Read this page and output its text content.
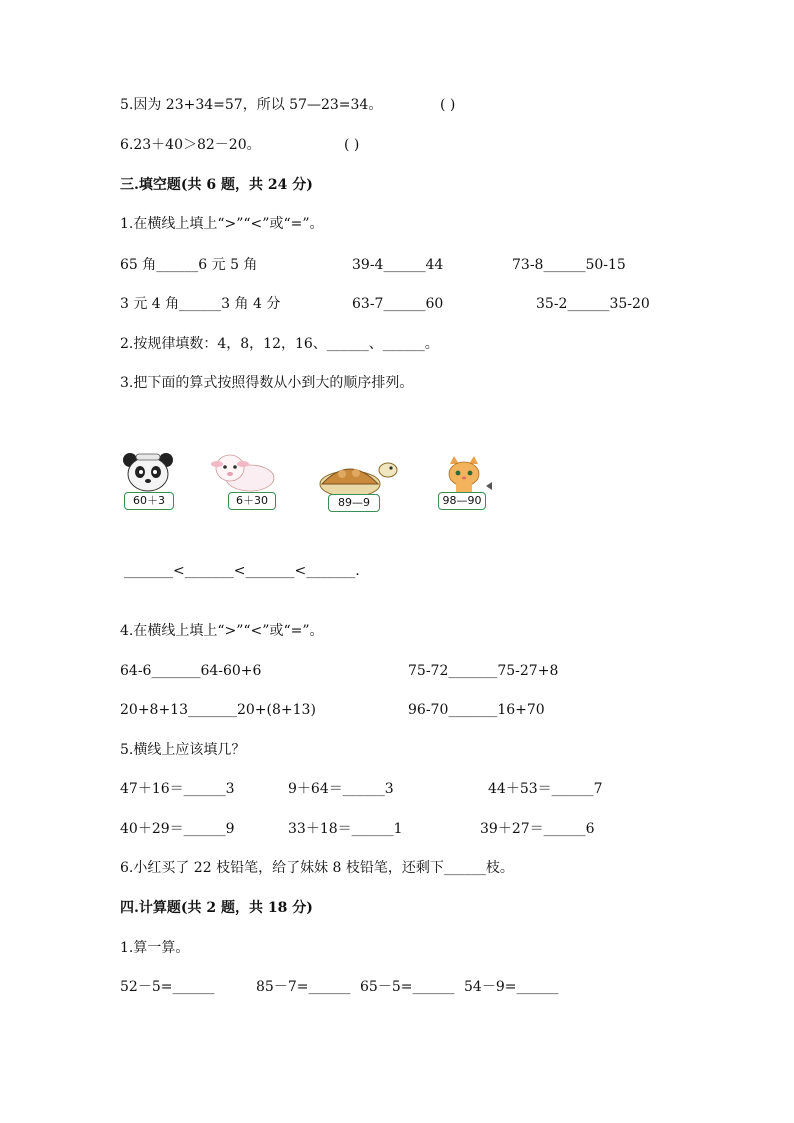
5.因为 23+34=57，所以 57—23=34。	( )
6.23＋40＞82－20。	( )
三.填空题(共 6 题，共 24 分)
1.在横线上填上“>”“<”或“=”。
65 角______6 元 5 角	39-4______44	73-8______50-15
3 元 4 角______3 角 4 分	63-7______60	35-2______35-20
2.按规律填数：4，8，12，16、______、______。
3.把下面的算式按照得数从小到大的顺序排列。
60＋3	6＋30	89—9	98—90
_______<_______<_______<_______.
4.在横线上填上“>”“<”或“=”。
64-6_______64-60+6	75-72_______75-27+8
20+8+13_______20+(8+13)	96-70_______16+70
5.横线上应该填几？
47＋16＝______3	9＋64＝______3	44＋53＝______7
40＋29＝______9	33＋18＝______1	39＋27＝______6
6.小红买了 22 枝铅笔，给了妹妹 8 枝铅笔，还剩下______枝。
四.计算题(共 2 题，共 18 分)
1.算一算。
52－5=______	85－7=______ 65－5=______ 54－9=______
